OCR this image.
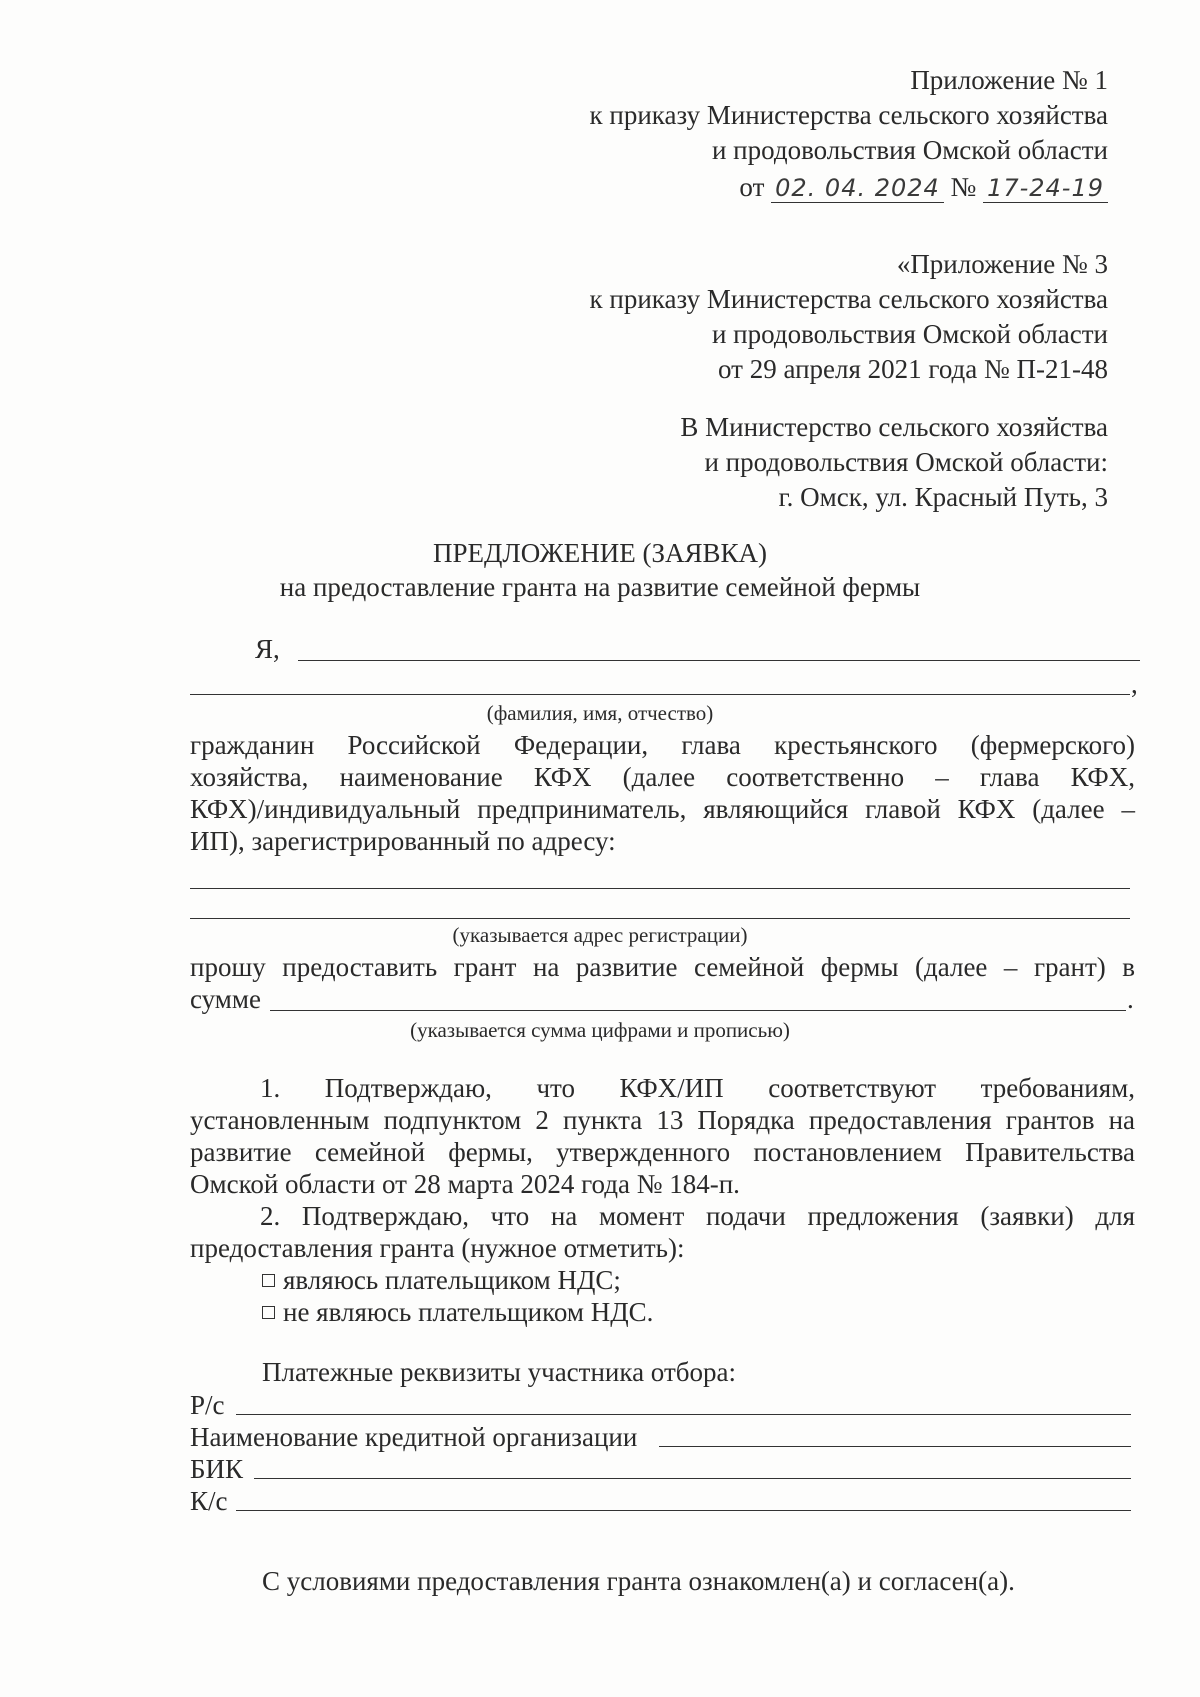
Приложение № 1
к приказу Министерства сельского хозяйства
и продовольствия Омской области
от 02. 04. 2024 № 17-24-19
«Приложение № 3
к приказу Министерства сельского хозяйства
и продовольствия Омской области
от 29 апреля 2021 года № П-21-48
В Министерство сельского хозяйства
и продовольствия Омской области:
г. Омск, ул. Красный Путь, 3
ПРЕДЛОЖЕНИЕ (ЗАЯВКА)
на предоставление гранта на развитие семейной фермы
Я,
,
(фамилия, имя, отчество)
гражданин Российской Федерации, глава крестьянского (фермерского)
хозяйства, наименование КФХ (далее соответственно – глава КФХ,
КФХ)/индивидуальный предприниматель, являющийся главой КФХ (далее –
ИП), зарегистрированный по адресу:
(указывается адрес регистрации)
прошу предоставить грант на развитие семейной фермы (далее – грант) в
сумме	.
(указывается сумма цифрами и прописью)
1. Подтверждаю, что КФХ/ИП соответствуют требованиям,
установленным подпунктом 2 пункта 13 Порядка предоставления грантов на
развитие семейной фермы, утвержденного постановлением Правительства
Омской области от 28 марта 2024 года № 184-п.
2. Подтверждаю, что на момент подачи предложения (заявки) для
предоставления гранта (нужное отметить):
являюсь плательщиком НДС;
не являюсь плательщиком НДС.
Платежные реквизиты участника отбора:
Р/с
Наименование кредитной организации
БИК
К/с
С условиями предоставления гранта ознакомлен(а) и согласен(а).
